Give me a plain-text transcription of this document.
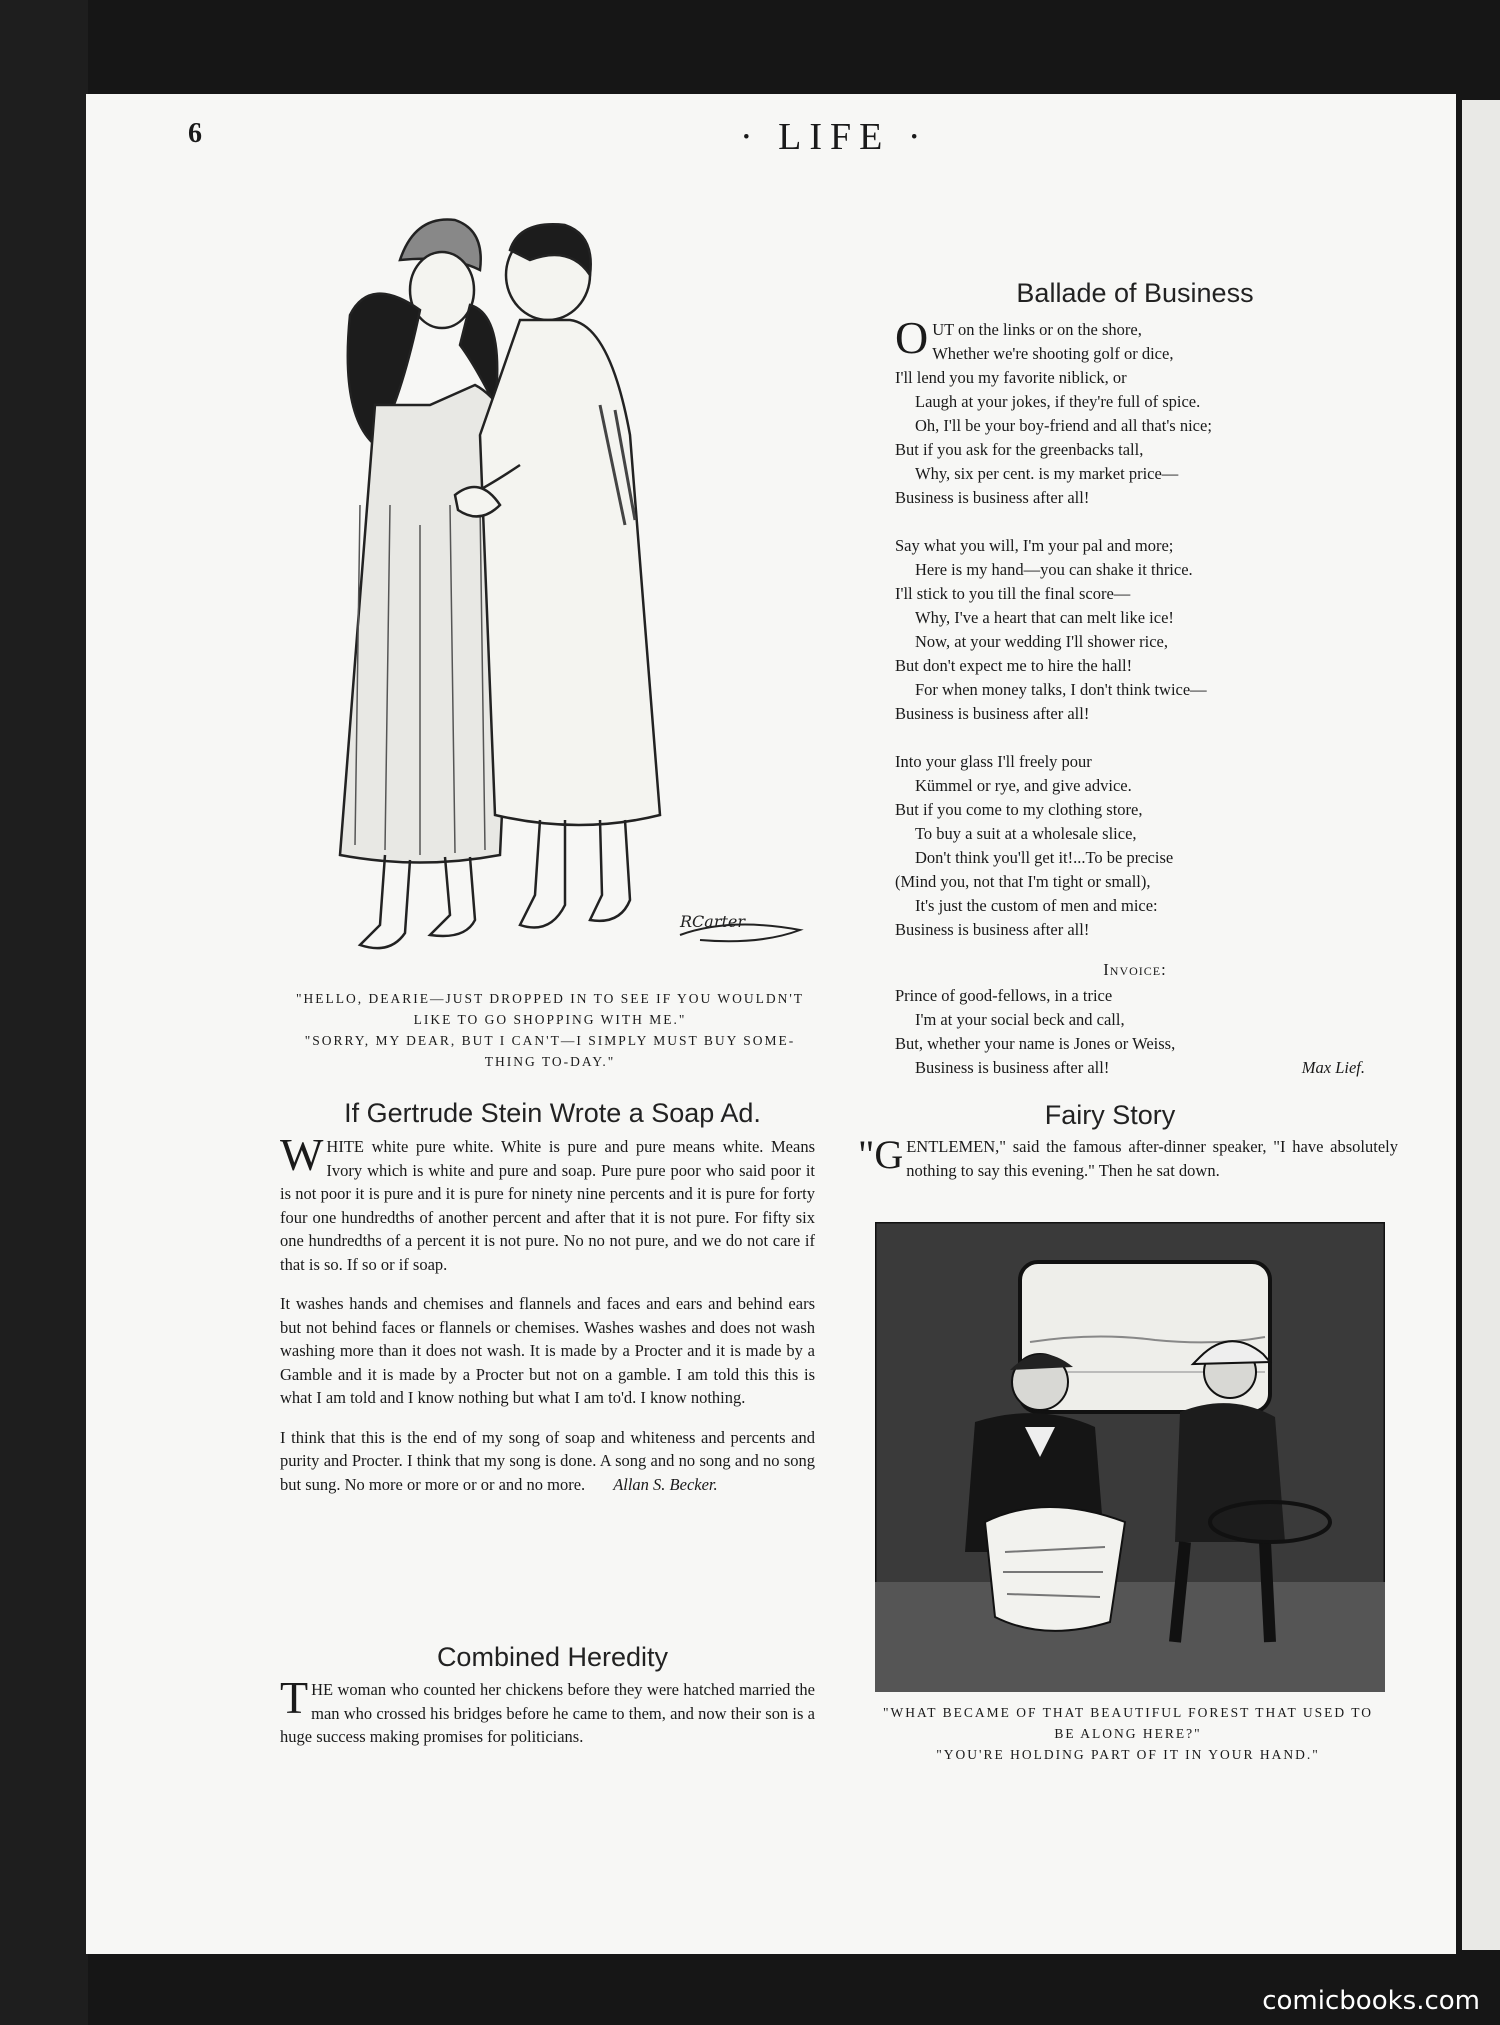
6	· LIFE ·
RCarter
"HELLO, DEARIE—JUST DROPPED IN TO SEE IF YOU WOULDN'T
LIKE TO GO SHOPPING WITH ME."
"SORRY, MY DEAR, BUT I CAN'T—I SIMPLY MUST BUY SOME-
THING TO-DAY."
Ballade of Business
OUT on the links or on the shore,
Whether we're shooting golf or dice,
I'll lend you my favorite niblick, or
Laugh at your jokes, if they're full of spice.
Oh, I'll be your boy-friend and all that's nice;
But if you ask for the greenbacks tall,
Why, six per cent. is my market price—
Business is business after all!
Say what you will, I'm your pal and more;
Here is my hand—you can shake it thrice.
I'll stick to you till the final score—
Why, I've a heart that can melt like ice!
Now, at your wedding I'll shower rice,
But don't expect me to hire the hall!
For when money talks, I don't think twice—
Business is business after all!
Into your glass I'll freely pour
Kümmel or rye, and give advice.
But if you come to my clothing store,
To buy a suit at a wholesale slice,
Don't think you'll get it!...To be precise
(Mind you, not that I'm tight or small),
It's just the custom of men and mice:
Business is business after all!
Invoice:
Prince of good-fellows, in a trice
I'm at your social beck and call,
But, whether your name is Jones or Weiss,
Business is business after all!	Max Lief.
If Gertrude Stein Wrote a Soap Ad.

WHITE white pure white. White is pure and pure means white. Means Ivory which is white and pure and soap. Pure pure poor who said poor it is not poor it is pure and it is pure for ninety nine percents and it is pure for forty four one hundredths of another percent and after that it is not pure. For fifty six one hundredths of a percent it is not pure. No no not pure, and we do not care if that is so. If so or if soap.

It washes hands and chemises and flannels and faces and ears and behind ears but not behind faces or flannels or chemises. Washes washes and does not wash washing more than it does not wash. It is made by a Procter and it is made by a Gamble and it is made by a Procter but not on a gamble. I am told this this is what I am told and I know nothing but what I am to'd. I know nothing.

I think that this is the end of my song of soap and whiteness and percents and purity and Procter. I think that my song is done. A song and no song and no song but sung. No more or more or or and no more. Allan S. Becker.

Combined Heredity

THE woman who counted her chickens before they were hatched married the man who crossed his bridges before he came to them, and now their son is a huge success making promises for politicians.

Fairy Story

"GENTLEMEN," said the famous after-dinner speaker, "I have absolutely nothing to say this evening." Then he sat down.

"WHAT BECAME OF THAT BEAUTIFUL FOREST THAT USED TO
BE ALONG HERE?"
"YOU'RE HOLDING PART OF IT IN YOUR HAND."
comicbooks.com
